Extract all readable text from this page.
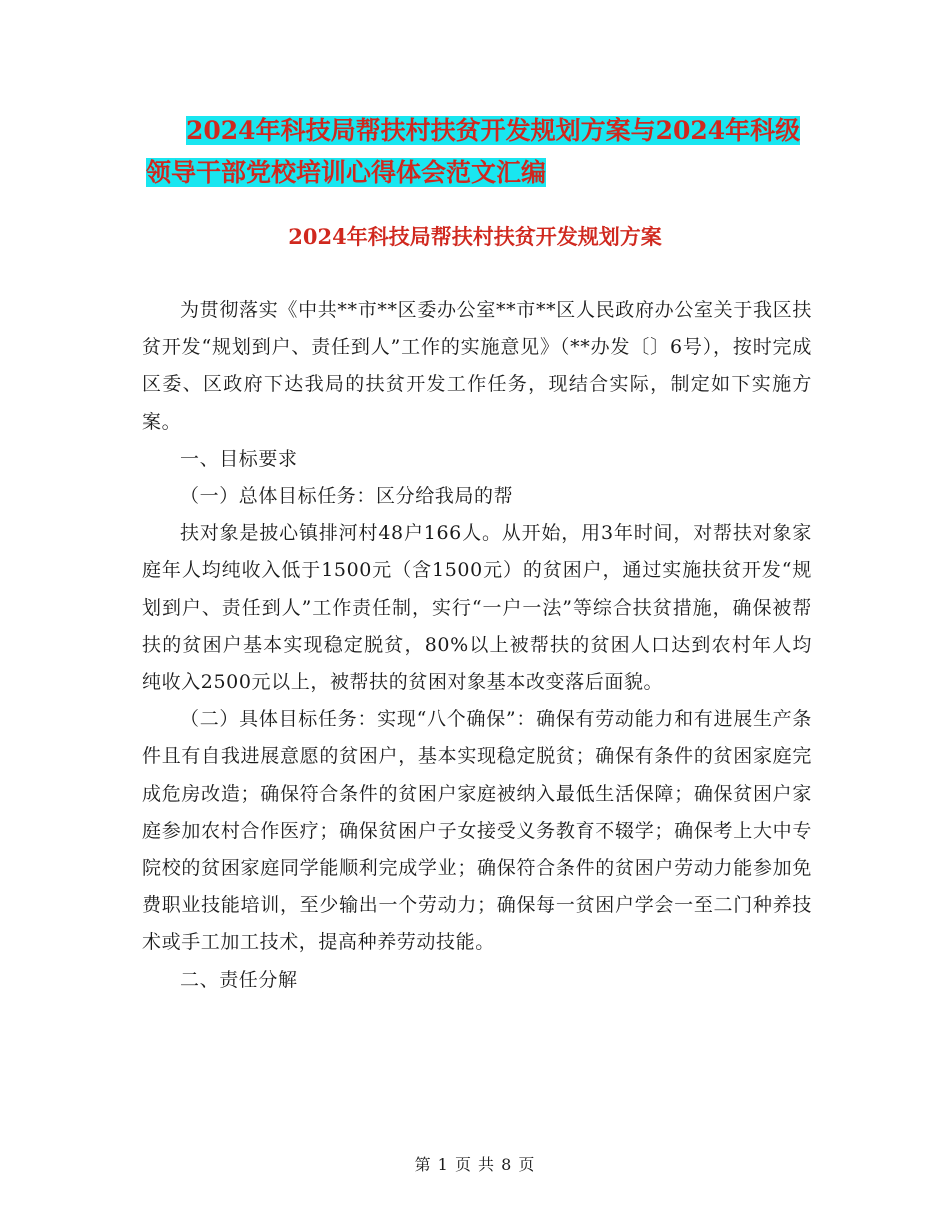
2024年科技局帮扶村扶贫开发规划方案与2024年科级
领导干部党校培训心得体会范文汇编
2024年科技局帮扶村扶贫开发规划方案

为贯彻落实《中共**市**区委办公室**市**区人民政府办公室关于我区扶贫开发“规划到户、责任到人”工作的实施意见》（**办发〔〕6号），按时完成区委、区政府下达我局的扶贫开发工作任务，现结合实际，制定如下实施方案。

一、目标要求

（一）总体目标任务：区分给我局的帮

扶对象是披心镇排河村48户166人。从开始，用3年时间，对帮扶对象家庭年人均纯收入低于1500元（含1500元）的贫困户，通过实施扶贫开发“规划到户、责任到人”工作责任制，实行“一户一法”等综合扶贫措施，确保被帮扶的贫困户基本实现稳定脱贫，80%以上被帮扶的贫困人口达到农村年人均纯收入2500元以上，被帮扶的贫困对象基本改变落后面貌。

（二）具体目标任务：实现“八个确保”：确保有劳动能力和有进展生产条件且有自我进展意愿的贫困户，基本实现稳定脱贫；确保有条件的贫困家庭完成危房改造；确保符合条件的贫困户家庭被纳入最低生活保障；确保贫困户家庭参加农村合作医疗；确保贫困户子女接受义务教育不辍学；确保考上大中专院校的贫困家庭同学能顺利完成学业；确保符合条件的贫困户劳动力能参加免费职业技能培训，至少输出一个劳动力；确保每一贫困户学会一至二门种养技术或手工加工技术，提高种养劳动技能。

二、责任分解

第 1 页 共 8 页
